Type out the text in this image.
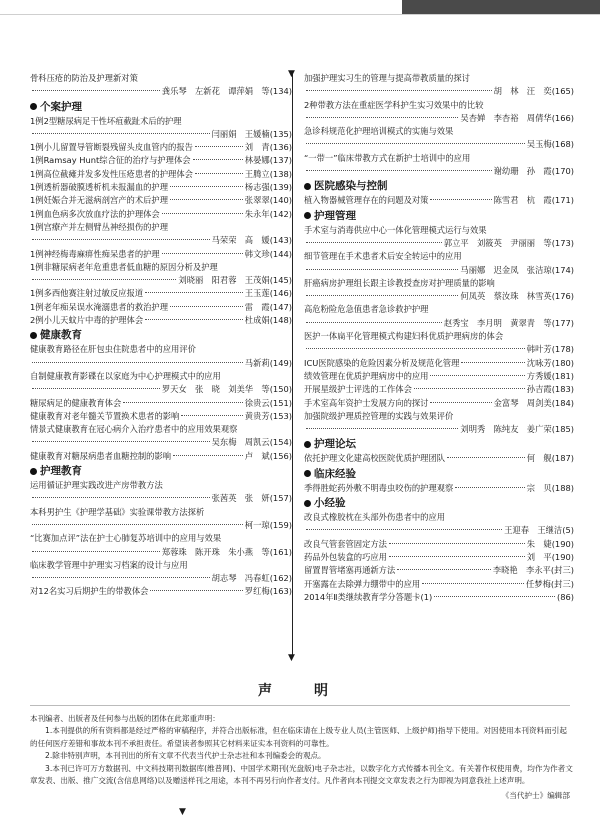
骨科压疮的防治及护理新对策
龚乐琴　左新花　谭萍娟　等 (134)
个案护理
1例2型糖尿病足干性坏疽截趾术后的护理
闫丽娟　王媛楠 (135)
1例小儿留置导管断裂残留头皮血管内的报告	刘　青 (136)
1例Ramsay Hunt综合征的治疗与护理体会	林晏娜 (137)
1例高位截瘫并发多发性压疮患者的护理体会	王腾立 (138)
1例透析器破膜透析机未报漏血的护理	杨志强 (139)
1例妊娠合并无滋病剖宫产的术后护理	张翠翠 (140)
1例血色病多次放血疗法的护理体会	朱永年 (142)
1例宫療产并左侧臂丛神经损伤的护理
马荣荣　高　媛 (143)
1例神经梅毒麻痹性痴呆患者的护理	韩文珍 (144)
1例非糖尿病老年危重患者低血糖的原因分析及护理
刘晓丽　阳君蓉　王茂娟 (145)
1例多西他赛注射过敏反应报道	王玉莲 (146)
1例老年痴呆误水淹溺患者的救治护理	雷　霞 (147)
2例小儿天蚊片中毒的护理体会	杜成娟 (148)
健康教育
健康教育路径在肝包虫住院患者中的应用评价
马新莉 (149)
自制健康教育影碟在以家庭为中心护理模式中的应用
罗天女　张　晓　刘美华　等 (150)
糖尿病足的健康教育体会	徐贵云 (151)
健康教育对老年髓关节置换术患者的影响	黄贵芳 (153)
情景式健康教育在冠心病介入治疗患者中的应用效果观察
吴东梅　周凯云 (154)
健康教育对糖尿病患者血糖控制的影响	卢　斌 (156)
护理教育
运用循证护理实践改进产房带教方法
张茜英　张　妍 (157)
本科男护生《护理学基础》实验课带教方法探析
柯一琼 (159)
“比赛加点评”法在护士心肺复苏培训中的应用与效果
郑蓉珠　陈开珠　朱小燕　等 (161)
临床教学管理中护理实习档案的设计与应用
胡志琴　冯春虹 (162)
对12名实习后期护生的带教体会	罗红梅 (163)
▼
▼
加强护理实习生的管理与提高带教质量的探讨
胡　林　汪　奕 (165)
2种带教方法在重症医学科护生实习效果中的比较
吴杏婵　李杏裕　周倩华 (166)
急诊科规范化护理培训模式的实施与效果
吴玉梅 (168)
“一带一”临床带教方式在新护士培训中的应用
谢幼珊　孙　霞 (170)
医院感染与控制
植入物器械管理存在的问题及对策	陈雪君　杭　霞 (171)
护理管理
手术室与消毒供应中心一体化管理模式运行与效果
郭立平　刘筱英　尹丽丽　等 (173)
细节管理在手术患者术后安全转运中的应用
马丽娜　迟金凤　张洁琼 (174)
肝癌病房护理组长跟主诊教授查房对护理质量的影响
何凤英　蔡汝珠　林雪英 (176)
高危粉险危急值患者急诊救护护理
赵秀宝　李月明　黄翠青　等 (177)
医护一体扁平化管理模式构建妇科优质护理病房的体会
韩叶芳 (178)
ICU医院感染的危险因素分析及规范化管理	沈咏芳 (180)
绩效管理在优质护理病房中的应用	方秀媛 (181)
开展星级护士评选的工作体会	孙吉霞 (183)
手术室高年资护士发展方向的探讨	金富琴　周剑美 (184)
加强院级护理质控管理的实践与效果评价
刘明秀　陈纯友　姜广荣 (185)
护理论坛
依托护理文化建高校医院优质护理团队	何　舰 (187)
临床经验
季得胜蛇药外敷不明毒虫咬伤的护理观察	宗　贝 (188)
小经验
改良式橡胶枕在头部外伤患者中的应用
王迎春　王继洁 (5)
改良气管套管固定方法	朱　婕 (190)
药品外包装盒的巧应用	刘　平 (190)
留置胃管堵塞再通新方法	李晓艳　李永平 (封三)
开塞露在去除弹力绷带中的应用	任梦梅 (封三)
2014年Ⅱ类继续教育学分答题卡(1)	(86)
声　明

本刊编者、出版者及任何参与出版的团体在此郑重声明：

1.本刊提供的所有资料都是经过严格的审稿程序，并符合出版标准，但在临床请在上级专业人员(主管医师、上级护师)指导下使用。对因使用本刊资料而引起的任何医疗差错和事故本刊不承担责任。希望读者参照其它材料来证实本刊资料的可靠性。

2.除非特别声明，本刊刊出的所有文章不代表当代护士杂志社和本刊编委会的观点。

3.本刊已许可万方数据刊、中文科技期刊数据库(维普网)、中国学术期刊(光盘版)电子杂志社，以数字化方式传播本刊全文。有关著作权使用费，均作为作者文章发表、出版、推广交流(含信息网络)以及赠送样刊之用途，本刊不再另行向作者支付。凡作者向本刊提交文章发表之行为即视为同意我社上述声明。

《当代护士》编辑部

▼
